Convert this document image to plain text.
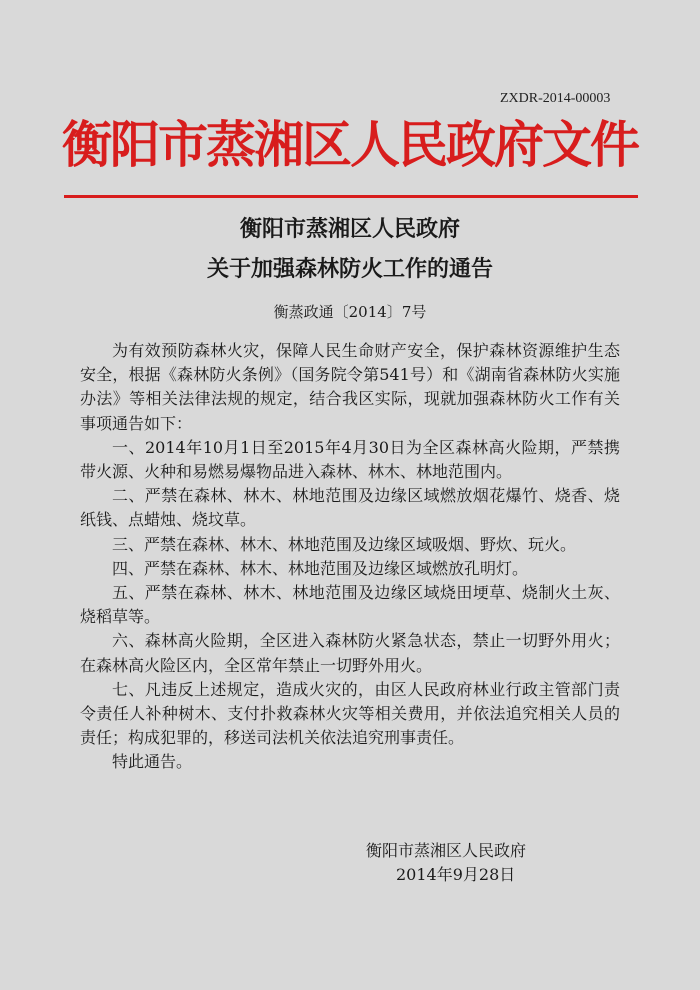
ZXDR-2014-00003
衡阳市蒸湘区人民政府文件
衡阳市蒸湘区人民政府
关于加强森林防火工作的通告
衡蒸政通〔2014〕7号

为有效预防森林火灾，保障人民生命财产安全，保护森林资源维护生态安全，根据《森林防火条例》（国务院令第541号）和《湖南省森林防火实施办法》等相关法律法规的规定，结合我区实际，现就加强森林防火工作有关事项通告如下：

一、2014年10月1日至2015年4月30日为全区森林高火险期，严禁携带火源、火种和易燃易爆物品进入森林、林木、林地范围内。

二、严禁在森林、林木、林地范围及边缘区域燃放烟花爆竹、烧香、烧纸钱、点蜡烛、烧坟草。

三、严禁在森林、林木、林地范围及边缘区域吸烟、野炊、玩火。

四、严禁在森林、林木、林地范围及边缘区域燃放孔明灯。

五、严禁在森林、林木、林地范围及边缘区域烧田埂草、烧制火土灰、烧稻草等。

六、森林高火险期，全区进入森林防火紧急状态，禁止一切野外用火；在森林高火险区内，全区常年禁止一切野外用火。

七、凡违反上述规定，造成火灾的，由区人民政府林业行政主管部门责令责任人补种树木、支付扑救森林火灾等相关费用，并依法追究相关人员的责任；构成犯罪的，移送司法机关依法追究刑事责任。

特此通告。

衡阳市蒸湘区人民政府
2014年9月28日
